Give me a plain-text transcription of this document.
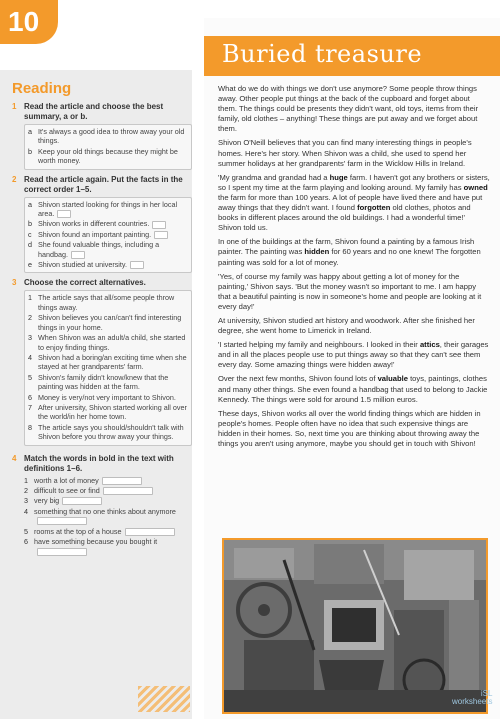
10
Reading
1 Read the article and choose the best summary, a or b.
a It's always a good idea to throw away your old things.
b Keep your old things because they might be worth money.
2 Read the article again. Put the facts in the correct order 1–5.
a Shivon started looking for things in her local area.
b Shivon works in different countries.
c Shivon found an important painting.
d She found valuable things, including a handbag.
e Shivon studied at university.
3 Choose the correct alternatives.
1 The article says that all/some people throw things away.
2 Shivon believes you can/can't find interesting things in your home.
3 When Shivon was an adult/a child, she started to enjoy finding things.
4 Shivon had a boring/an exciting time when she stayed at her grandparents' farm.
5 Shivon's family didn't know/knew that the painting was hidden at the farm.
6 Money is very/not very important to Shivon.
7 After university, Shivon started working all over the world/in her home town.
8 The article says you should/shouldn't talk with Shivon before you throw away your things.
4 Match the words in bold in the text with definitions 1–6.
1 worth a lot of money
2 difficult to see or find
3 very big
4 something that no one thinks about anymore
5 rooms at the top of a house
6 have something because you bought it
Buried treasure

What do we do with things we don't use anymore? Some people throw things away. Other people put things at the back of the cupboard and forget about them. The things could be presents they didn't want, old toys, items from their family, old clothes – anything! These things are put away and we forget about them.

Shivon O'Neill believes that you can find many interesting things in people's homes. Here's her story. When Shivon was a child, she used to spend her summer holidays at her grandparents' farm in the Wicklow Hills in Ireland.

'My grandma and grandad had a huge farm. I haven't got any brothers or sisters, so I spent my time at the farm playing and looking around. My family has owned the farm for more than 100 years. A lot of people have lived there and have put away things that they didn't want. I found forgotten old clothes, photos and books in different places around the old buildings. I had a wonderful time!' Shivon told us.

In one of the buildings at the farm, Shivon found a painting by a famous Irish painter. The painting was hidden for 60 years and no one knew! The forgotten painting was sold for a lot of money.

'Yes, of course my family was happy about getting a lot of money for the painting,' Shivon says. 'But the money wasn't so important to me. I am happy that a beautiful painting is now in someone's home and people are looking at it every day!'

At university, Shivon studied art history and woodwork. After she finished her degree, she went home to Limerick in Ireland.

'I started helping my family and neighbours. I looked in their attics, their garages and in all the places people use to put things away so that they can't see them every day. Some amazing things were hidden away!'

Over the next few months, Shivon found lots of valuable toys, paintings, clothes and many other things. She even found a handbag that used to belong to Jackie Kennedy. The things were sold for around 1.5 million euros.

These days, Shivon works all over the world finding things which are hidden in people's homes. People often have no idea that such expensive things are hidden in their homes. So, next time you are thinking about throwing away the things you aren't using anymore, maybe you should get in touch with Shivon!

iSL
worksheets
